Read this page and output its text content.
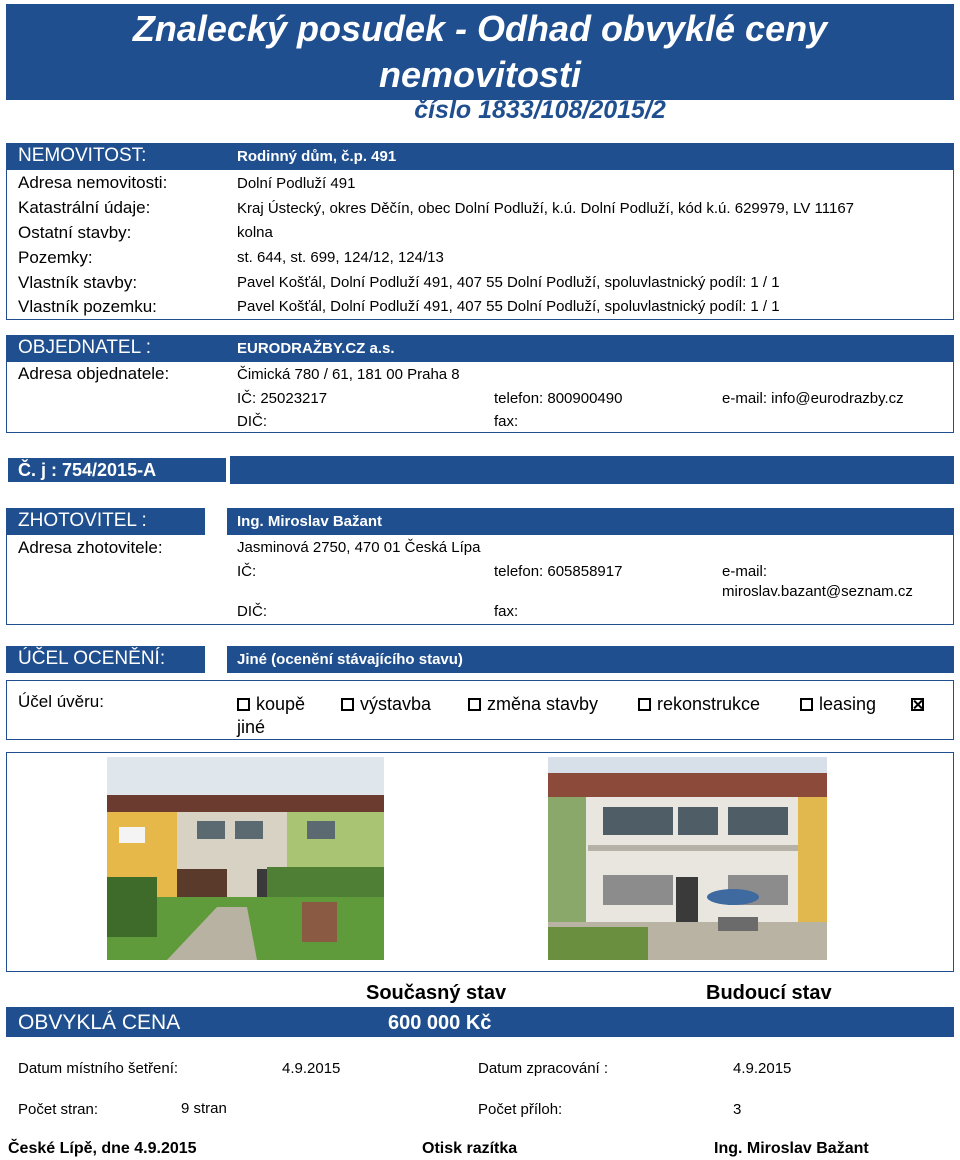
Znalecký posudek - Odhad obvyklé ceny
nemovitosti
číslo 1833/108/2015/2
NEMOVITOST:	Rodinný dům, č.p. 491
Adresa nemovitosti:	Dolní Podluží 491
Katastrální údaje:	Kraj Ústecký, okres Děčín, obec Dolní Podluží, k.ú. Dolní Podluží, kód k.ú. 629979, LV 11167
Ostatní stavby:	kolna
Pozemky:	st. 644, st. 699, 124/12, 124/13
Vlastník stavby:	Pavel Košťál, Dolní Podluží 491, 407 55 Dolní Podluží, spoluvlastnický podíl: 1 / 1
Vlastník pozemku:	Pavel Košťál, Dolní Podluží 491, 407 55 Dolní Podluží, spoluvlastnický podíl: 1 / 1
OBJEDNATEL :	EURODRAŽBY.CZ a.s.
Adresa objednatele:	Čimická 780 / 61, 181 00 Praha 8
IČ: 25023217	telefon: 800900490	e-mail: info@eurodrazby.cz
DIČ:	fax:
Č. j : 754/2015-A
ZHOTOVITEL :	Ing. Miroslav Bažant
Adresa zhotovitele:	Jasminová 2750, 470 01 Česká Lípa
IČ:	telefon: 605858917	e-mail:
miroslav.bazant@seznam.cz
DIČ:	fax:
ÚČEL OCENĚNÍ:	Jiné (ocenění stávajícího stavu)
Účel úvěru:	koupě	výstavba	změna stavby	rekonstrukce	leasing
jiné
Současný stav	Budoucí stav
OBVYKLÁ CENA	600 000 Kč
Datum místního šetření:	4.9.2015	Datum zpracování :	4.9.2015
Počet stran:	9 stran	Počet příloh:	3
České Lípě, dne 4.9.2015	Otisk razítka	Ing. Miroslav Bažant
